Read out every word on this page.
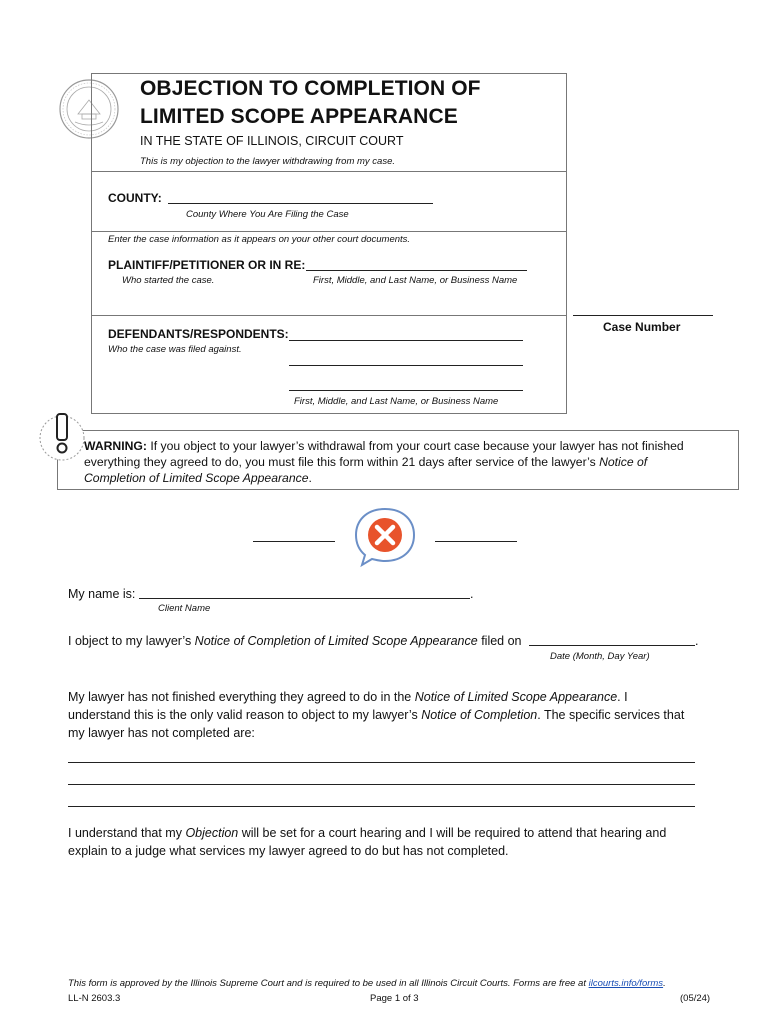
OBJECTION TO COMPLETION OF
LIMITED SCOPE APPEARANCE
IN THE STATE OF ILLINOIS, CIRCUIT COURT
This is my objection to the lawyer withdrawing from my case.
COUNTY:
County Where You Are Filing the Case
Enter the case information as it appears on your other court documents.
PLAINTIFF/PETITIONER OR IN RE:
Who started the case.	First, Middle, and Last Name, or Business Name
Case Number
DEFENDANTS/RESPONDENTS:
Who the case was filed against.
First, Middle, and Last Name, or Business Name
WARNING: If you object to your lawyer’s withdrawal from your court case because your lawyer has not finished
everything they agreed to do, you must file this form within 21 days after service of the lawyer’s Notice of
Completion of Limited Scope Appearance.
My name is:	.
Client Name
I object to my lawyer’s Notice of Completion of Limited Scope Appearance filed on	.
Date (Month, Day Year)
My lawyer has not finished everything they agreed to do in the Notice of Limited Scope Appearance. I
understand this is the only valid reason to object to my lawyer’s Notice of Completion. The specific services that
my lawyer has not completed are:
I understand that my Objection will be set for a court hearing and I will be required to attend that hearing and
explain to a judge what services my lawyer agreed to do but has not completed.
This form is approved by the Illinois Supreme Court and is required to be used in all Illinois Circuit Courts. Forms are free at ilcourts.info/forms.
LL-N 2603.3	Page 1 of 3	(05/24)
